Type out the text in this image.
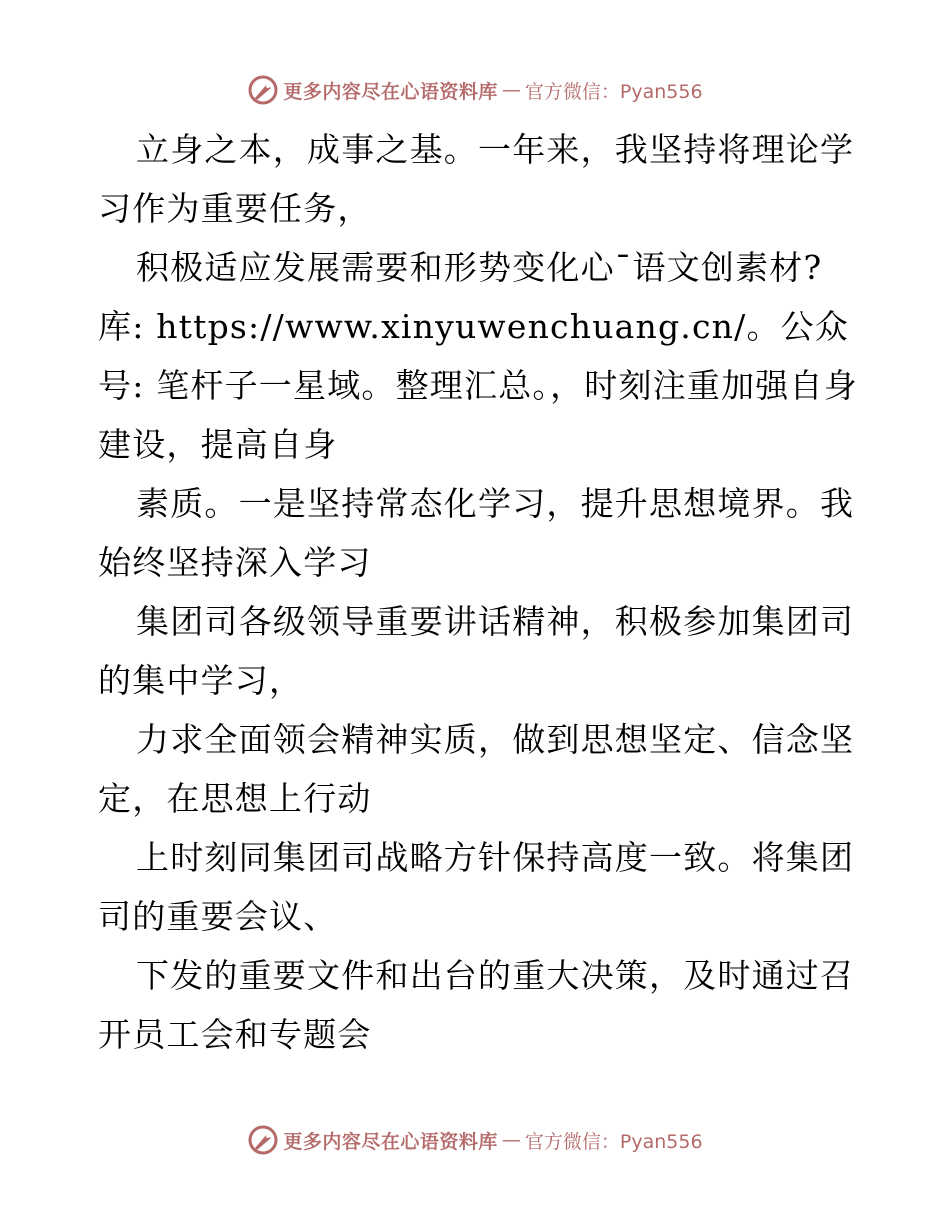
更多内容尽在心语资料库 — 官方微信：Pyan556

立身之本，成事之基。一年来，我坚持将理论学习作为重要任务，

积极适应发展需要和形势变化心¯语文创素材?库: https://www.xinyuwenchuang.cn/。公众号: 笔杆子一星域。整理汇总。，时刻注重加强自身建设，提高自身

素质。一是坚持常态化学习，提升思想境界。我始终坚持深入学习

集团司各级领导重要讲话精神，积极参加集团司的集中学习，

力求全面领会精神实质，做到思想坚定、信念坚定，在思想上行动

上时刻同集团司战略方针保持高度一致。将集团司的重要会议、

下发的重要文件和出台的重大决策，及时通过召开员工会和专题会

更多内容尽在心语资料库 — 官方微信：Pyan556
